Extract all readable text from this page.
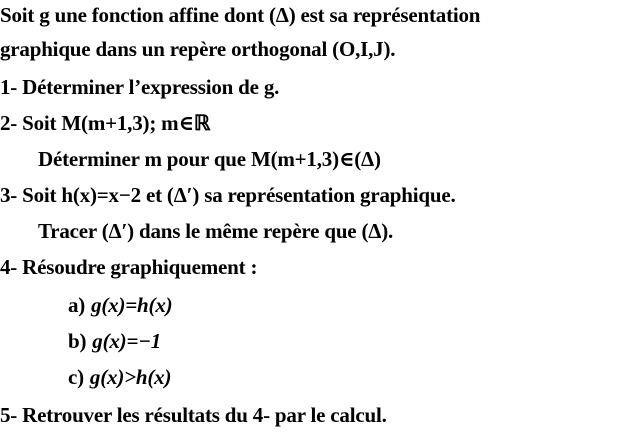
Soit g une fonction affine dont (Δ) est sa représentation
graphique dans un repère orthogonal (O,I,J).
1- Déterminer l’expression de g.
2- Soit M(m+1,3); m∈ℝ
Déterminer m pour que M(m+1,3)∈(Δ)
3- Soit h(x)=x−2 et (Δ′) sa représentation graphique.
Tracer (Δ′) dans le même repère que (Δ).
4- Résoudre graphiquement :
a) g(x)=h(x)
b) g(x)=−1
c) g(x)>h(x)
5- Retrouver les résultats du 4- par le calcul.
